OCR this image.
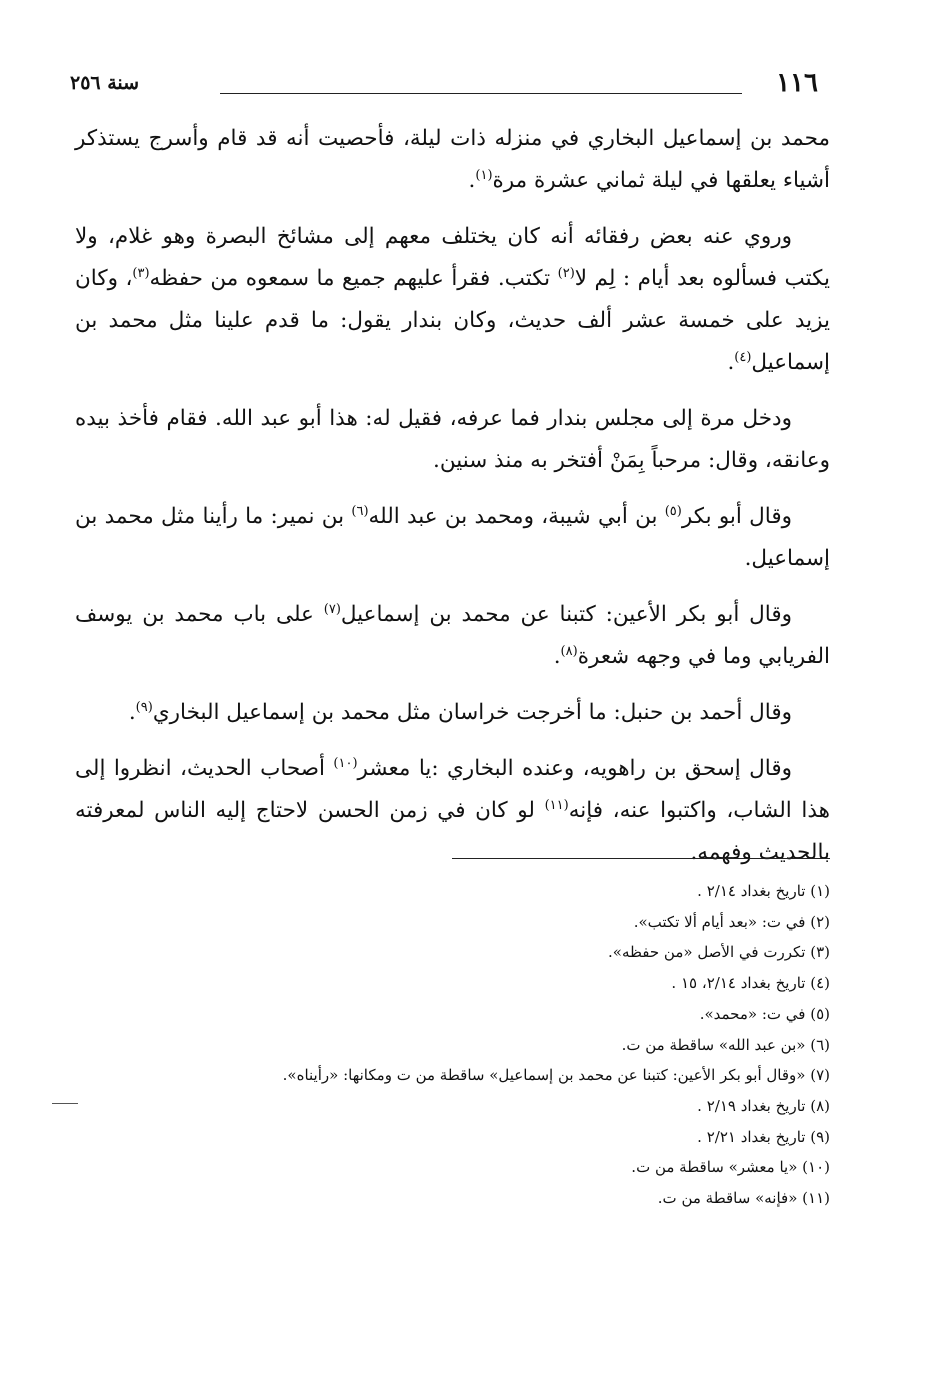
١١٦
سنة ٢٥٦

محمد بن إسماعيل البخاري في منزله ذات ليلة، فأحصيت أنه قد قام وأسرج يستذكر أشياء يعلقها في ليلة ثماني عشرة مرة$^{(١)}$.

وروي عنه بعض رفقائه أنه كان يختلف معهم إلى مشائخ البصرة وهو غلام، ولا يكتب فسألوه بعد أيام : لِم لا$^{(٢)}$ تكتب. فقرأ عليهم جميع ما سمعوه من حفظه$^{(٣)}$، وكان يزيد على خمسة عشر ألف حديث، وكان بندار يقول: ما قدم علينا مثل محمد بن إسماعيل$^{(٤)}$.

ودخل مرة إلى مجلس بندار فما عرفه، فقيل له: هذا أبو عبد الله. فقام فأخذ بيده وعانقه، وقال: مرحباً بِمَنْ أفتخر به منذ سنين.

وقال أبو بكر$^{(٥)}$ بن أبي شيبة، ومحمد بن عبد الله$^{(٦)}$ بن نمير: ما رأينا مثل محمد بن إسماعيل.

وقال أبو بكر الأعين: كتبنا عن محمد بن إسماعيل$^{(٧)}$ على باب محمد بن يوسف الفريابي وما في وجهه شعرة$^{(٨)}$.

وقال أحمد بن حنبل: ما أخرجت خراسان مثل محمد بن إسماعيل البخاري$^{(٩)}$.

وقال إسحق بن راهويه، وعنده البخاري :يا معشر$^{(١٠)}$ أصحاب الحديث، انظروا إلى هذا الشاب، واكتبوا عنه، فإنه$^{(١١)}$ لو كان في زمن الحسن لاحتاج إليه الناس لمعرفته بالحديث وفهمه.

(١) تاريخ بغداد ٢/١٤ .
(٢) في ت: «بعد أيام ألا تكتب».
(٣) تكررت في الأصل «من حفظه».
(٤) تاريخ بغداد ٢/١٤، ١٥ .
(٥) في ت: «محمد».
(٦) «بن عبد الله» ساقطة من ت.
(٧) «وقال أبو بكر الأعين: كتبنا عن محمد بن إسماعيل» ساقطة من ت ومكانها: «رأيناه».
(٨) تاريخ بغداد ٢/١٩ .
(٩) تاريخ بغداد ٢/٢١ .
(١٠) «يا معشر» ساقطة من ت.
(١١) «فإنه» ساقطة من ت.
